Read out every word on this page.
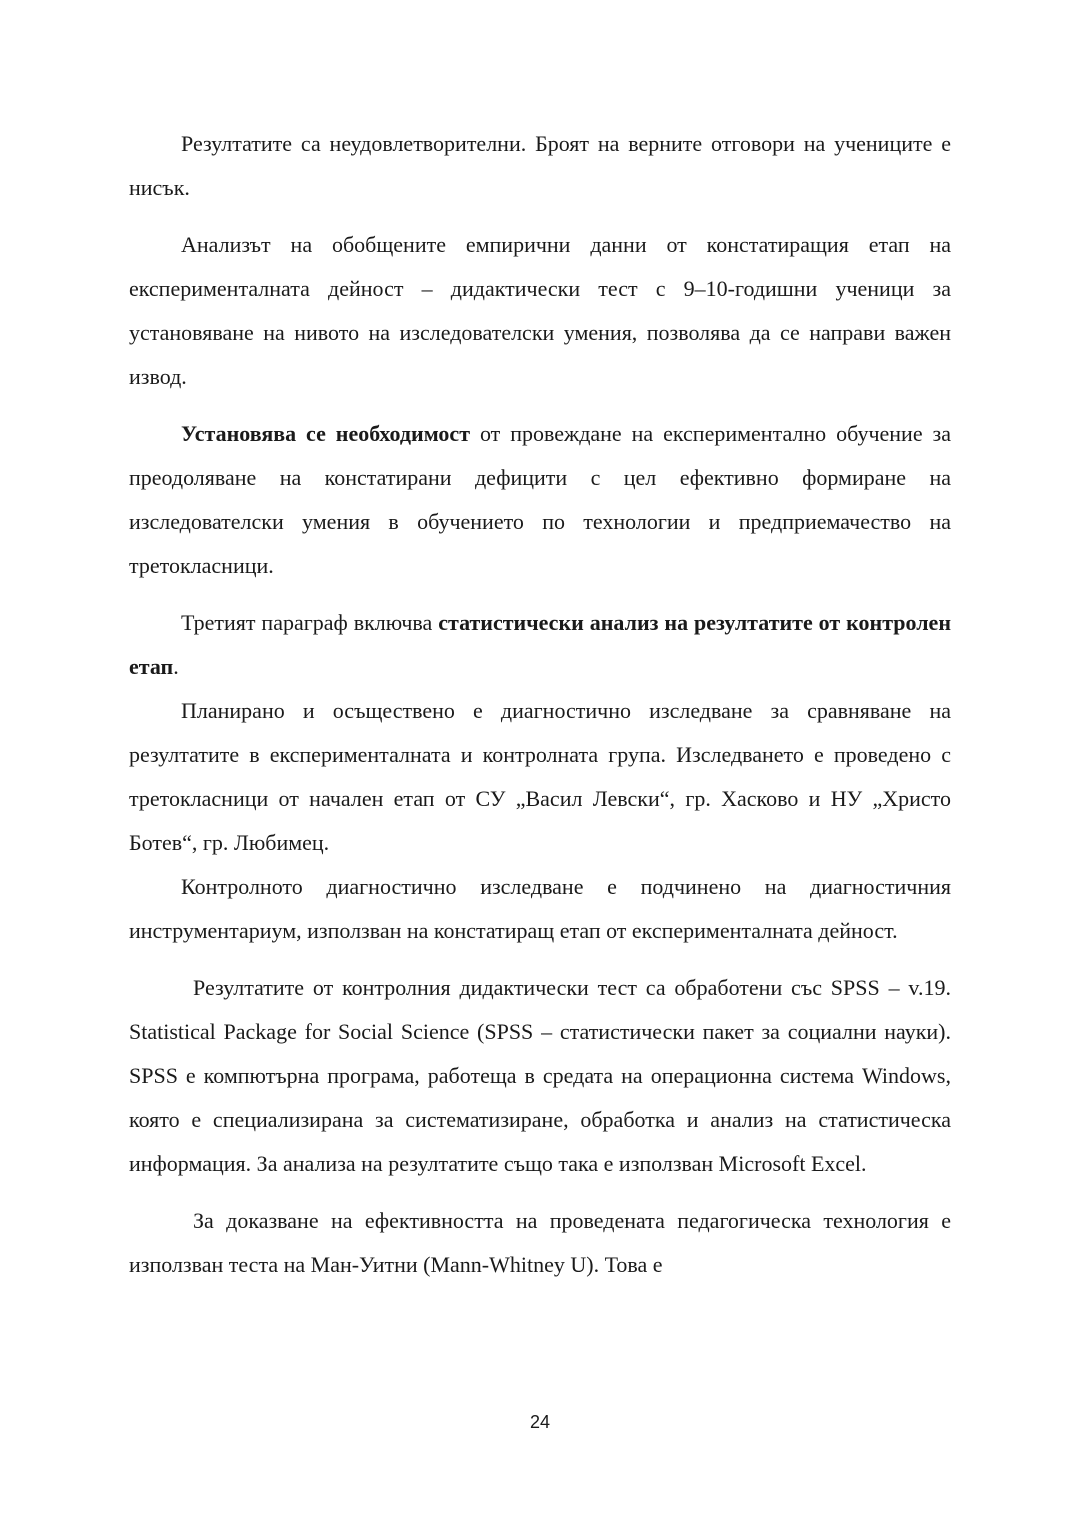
Резултатите са неудовлетворителни. Броят на верните отговори на учениците е нисък.

Анализът на обобщените емпирични данни от констатиращия етап на експерименталната дейност – дидактически тест с 9–10-годишни ученици за установяване на нивото на изследователски умения, позволява да се направи важен извод.

Установява се необходимост от провеждане на експериментално обучение за преодоляване на констатирани дефицити с цел ефективно формиране на изследователски умения в обучението по технологии и предприемачество на третокласници.

Третият параграф включва статистически анализ на резултатите от контролен етап.

Планирано и осъществено е диагностично изследване за сравняване на резултатите в експерименталната и контролната група. Изследването е проведено с третокласници от начален етап от СУ „Васил Левски“, гр. Хасково и НУ „Христо Ботев“, гр. Любимец.

Контролното диагностично изследване е подчинено на диагностичния инструментариум, използван на констатиращ етап от експерименталната дейност.

Резултатите от контролния дидактически тест са обработени със SPSS – v.19. Statistical Package for Social Science (SPSS – статистически пакет за социални науки). SPSS е компютърна програма, работеща в средата на операционна система Windows, която е специализирана за систематизиране, обработка и анализ на статистическа информация. За анализа на резултатите също така е използван Microsoft Excel.

За доказване на ефективността на проведената педагогическа технология е използван теста на Ман-Уитни (Mann-Whitney U). Това е

24
